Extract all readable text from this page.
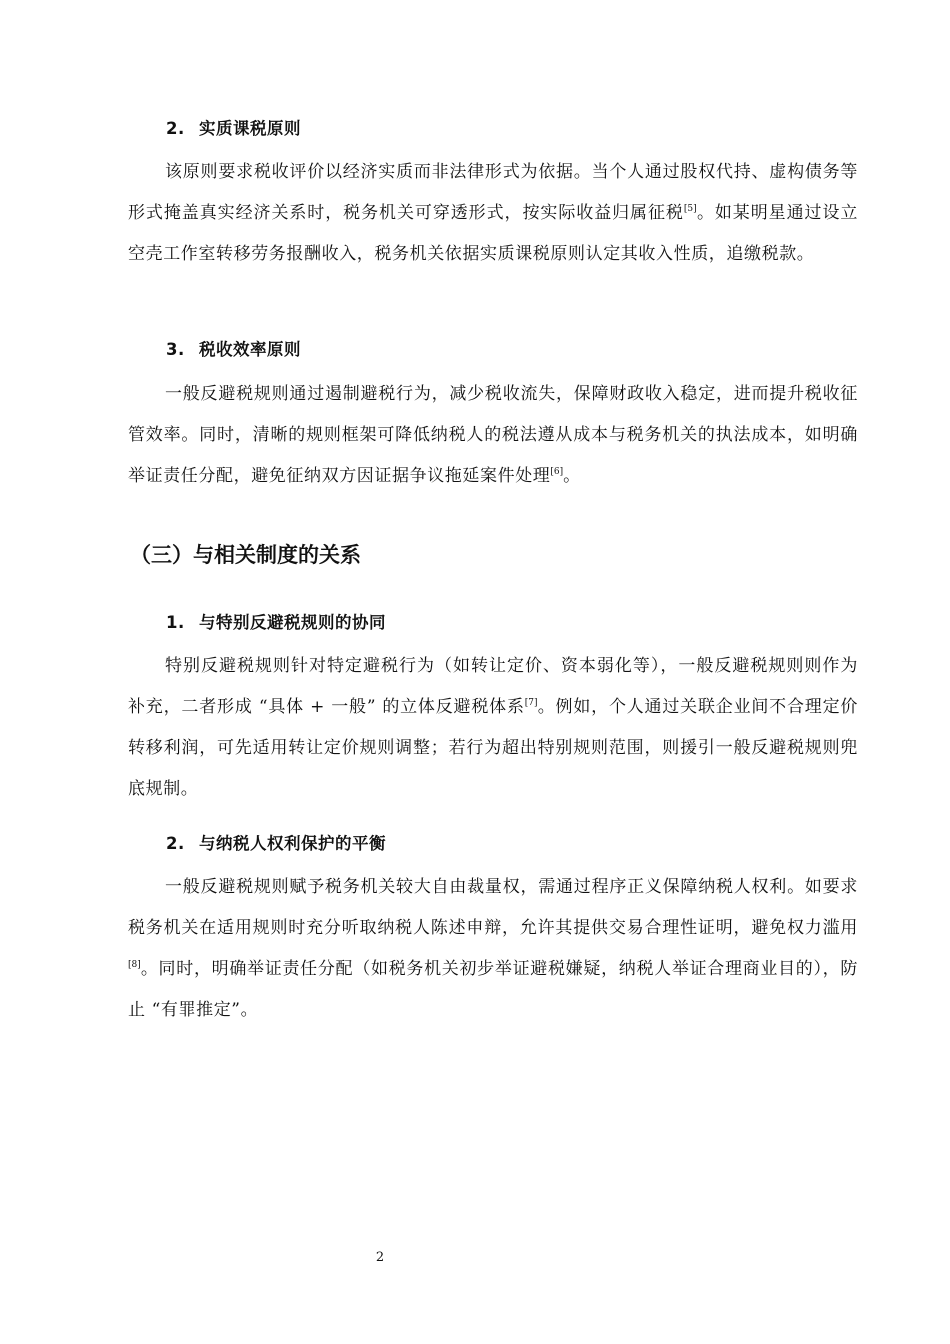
2. 实质课税原则

该原则要求税收评价以经济实质而非法律形式为依据。当个人通过股权代持、虚构债务等形式掩盖真实经济关系时，税务机关可穿透形式，按实际收益归属征税[5]。如某明星通过设立空壳工作室转移劳务报酬收入，税务机关依据实质课税原则认定其收入性质，追缴税款。

3. 税收效率原则

一般反避税规则通过遏制避税行为，减少税收流失，保障财政收入稳定，进而提升税收征管效率。同时，清晰的规则框架可降低纳税人的税法遵从成本与税务机关的执法成本，如明确举证责任分配，避免征纳双方因证据争议拖延案件处理[6]。

（三）与相关制度的关系
1. 与特别反避税规则的协同

特别反避税规则针对特定避税行为（如转让定价、资本弱化等），一般反避税规则则作为补充，二者形成 “具体 + 一般” 的立体反避税体系[7]。例如，个人通过关联企业间不合理定价转移利润，可先适用转让定价规则调整；若行为超出特别规则范围，则援引一般反避税规则兜底规制。

2. 与纳税人权利保护的平衡

一般反避税规则赋予税务机关较大自由裁量权，需通过程序正义保障纳税人权利。如要求税务机关在适用规则时充分听取纳税人陈述申辩，允许其提供交易合理性证明，避免权力滥用[8]。同时，明确举证责任分配（如税务机关初步举证避税嫌疑，纳税人举证合理商业目的），防止 “有罪推定”。

2
